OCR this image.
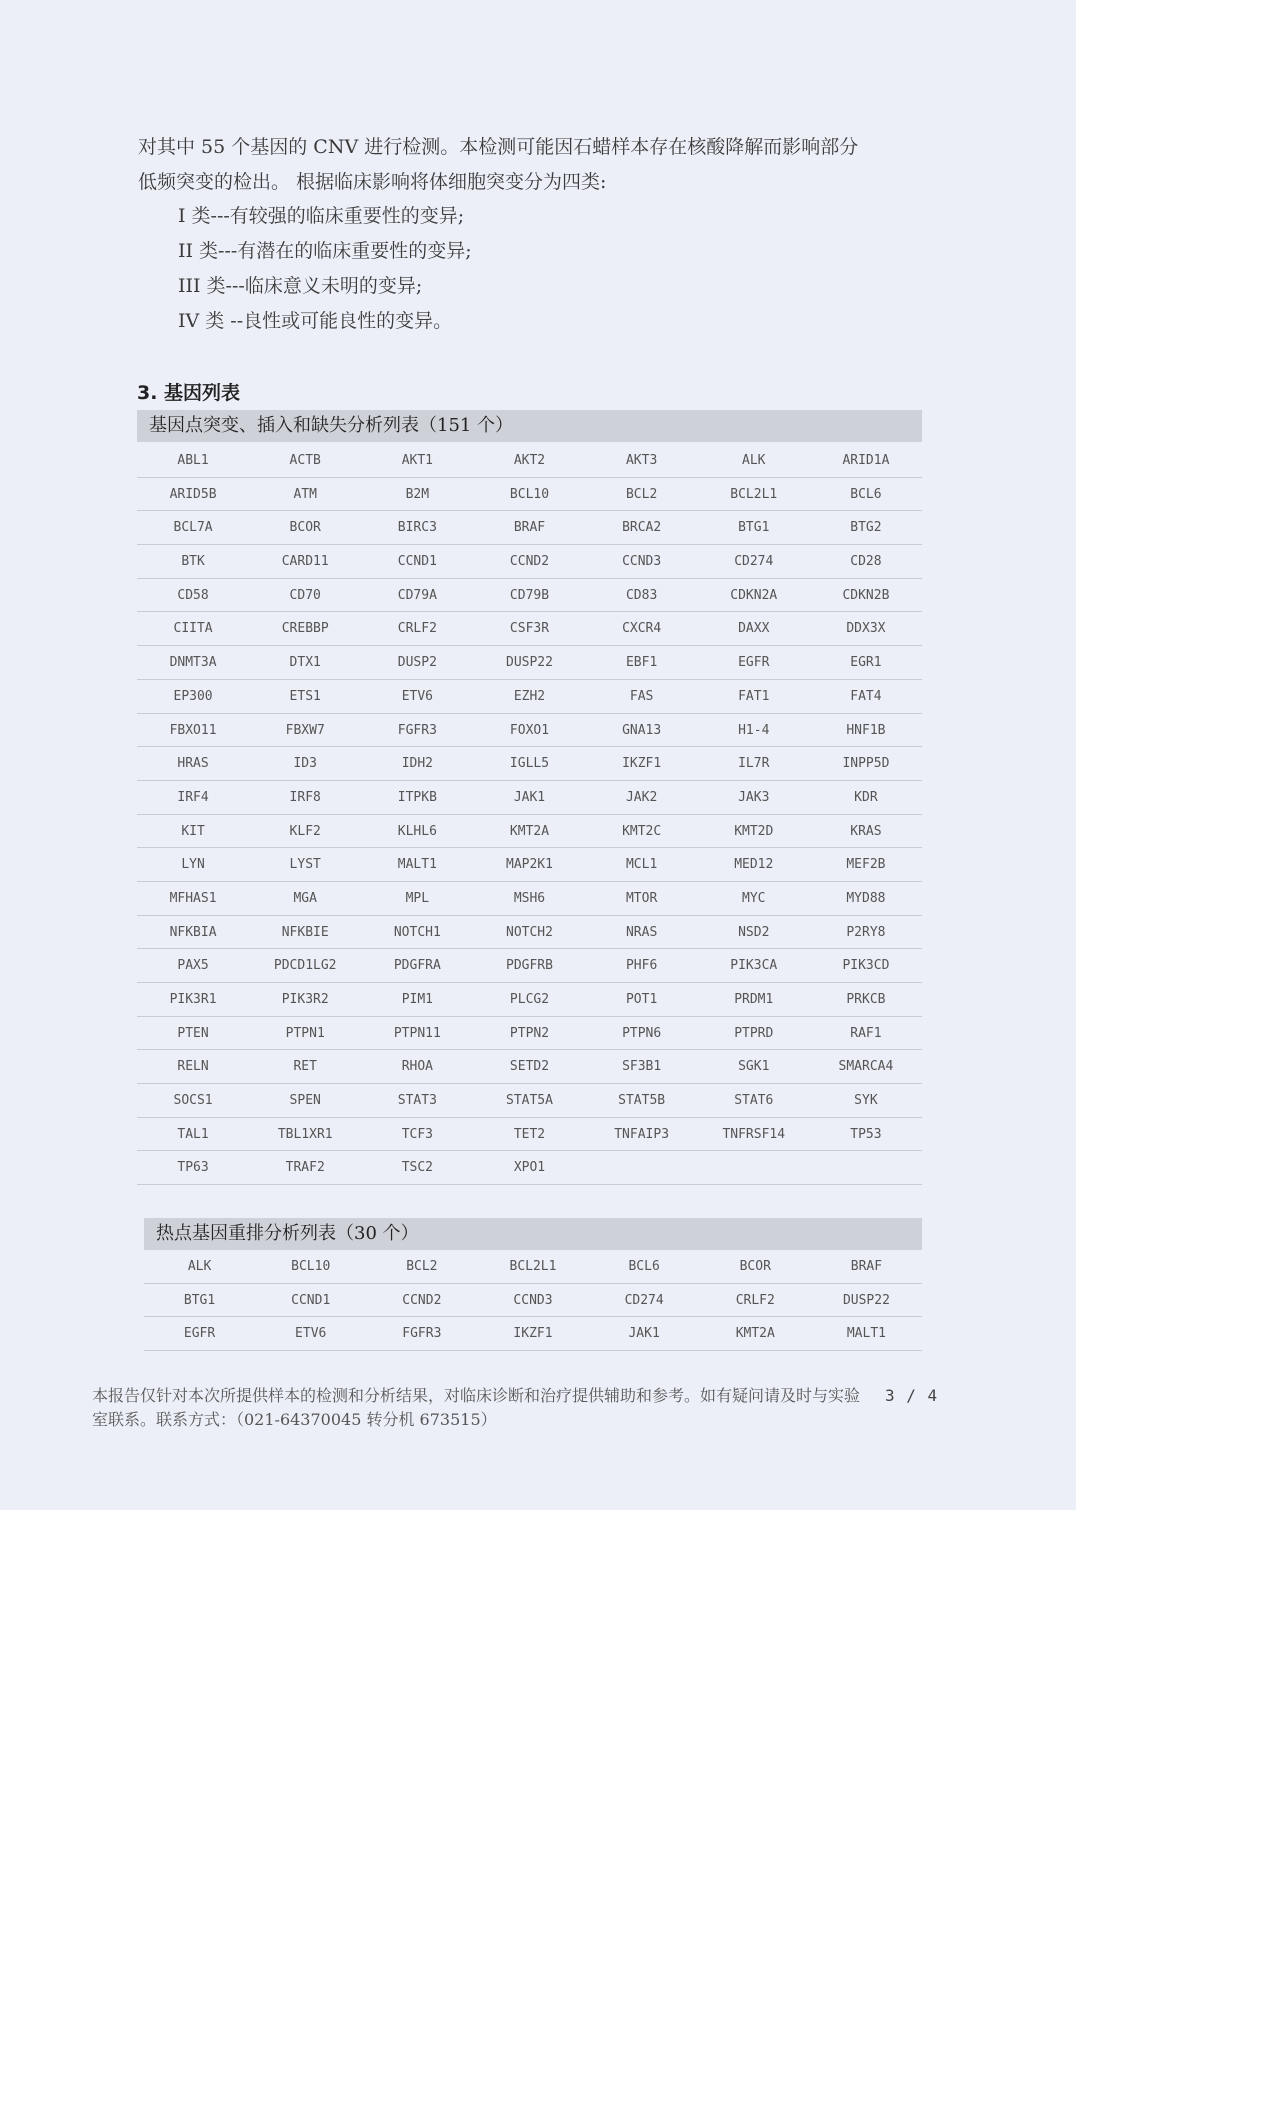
对其中 55 个基因的 CNV 进行检测。本检测可能因石蜡样本存在核酸降解而影响部分

低频突变的检出。 根据临床影响将体细胞突变分为四类:

I 类---有较强的临床重要性的变异;
II 类---有潜在的临床重要性的变异;
III 类---临床意义未明的变异;
IV 类 --良性或可能良性的变异。
3. 基因列表
基因点突变、插入和缺失分析列表（151 个）
ABL1	ACTB	AKT1	AKT2	AKT3	ALK	ARID1A
ARID5B	ATM	B2M	BCL10	BCL2	BCL2L1	BCL6
BCL7A	BCOR	BIRC3	BRAF	BRCA2	BTG1	BTG2
BTK	CARD11	CCND1	CCND2	CCND3	CD274	CD28
CD58	CD70	CD79A	CD79B	CD83	CDKN2A	CDKN2B
CIITA	CREBBP	CRLF2	CSF3R	CXCR4	DAXX	DDX3X
DNMT3A	DTX1	DUSP2	DUSP22	EBF1	EGFR	EGR1
EP300	ETS1	ETV6	EZH2	FAS	FAT1	FAT4
FBXO11	FBXW7	FGFR3	FOXO1	GNA13	H1-4	HNF1B
HRAS	ID3	IDH2	IGLL5	IKZF1	IL7R	INPP5D
IRF4	IRF8	ITPKB	JAK1	JAK2	JAK3	KDR
KIT	KLF2	KLHL6	KMT2A	KMT2C	KMT2D	KRAS
LYN	LYST	MALT1	MAP2K1	MCL1	MED12	MEF2B
MFHAS1	MGA	MPL	MSH6	MTOR	MYC	MYD88
NFKBIA	NFKBIE	NOTCH1	NOTCH2	NRAS	NSD2	P2RY8
PAX5	PDCD1LG2	PDGFRA	PDGFRB	PHF6	PIK3CA	PIK3CD
PIK3R1	PIK3R2	PIM1	PLCG2	POT1	PRDM1	PRKCB
PTEN	PTPN1	PTPN11	PTPN2	PTPN6	PTPRD	RAF1
RELN	RET	RHOA	SETD2	SF3B1	SGK1	SMARCA4
SOCS1	SPEN	STAT3	STAT5A	STAT5B	STAT6	SYK
TAL1	TBL1XR1	TCF3	TET2	TNFAIP3	TNFRSF14	TP53
TP63	TRAF2	TSC2	XPO1
热点基因重排分析列表（30 个）
ALK	BCL10	BCL2	BCL2L1	BCL6	BCOR	BRAF
BTG1	CCND1	CCND2	CCND3	CD274	CRLF2	DUSP22
EGFR	ETV6	FGFR3	IKZF1	JAK1	KMT2A	MALT1
本报告仅针对本次所提供样本的检测和分析结果，对临床诊断和治疗提供辅助和参考。如有疑问请及时与实验室联系。联系方式：（021-64370045 转分机 673515）
3 / 4
